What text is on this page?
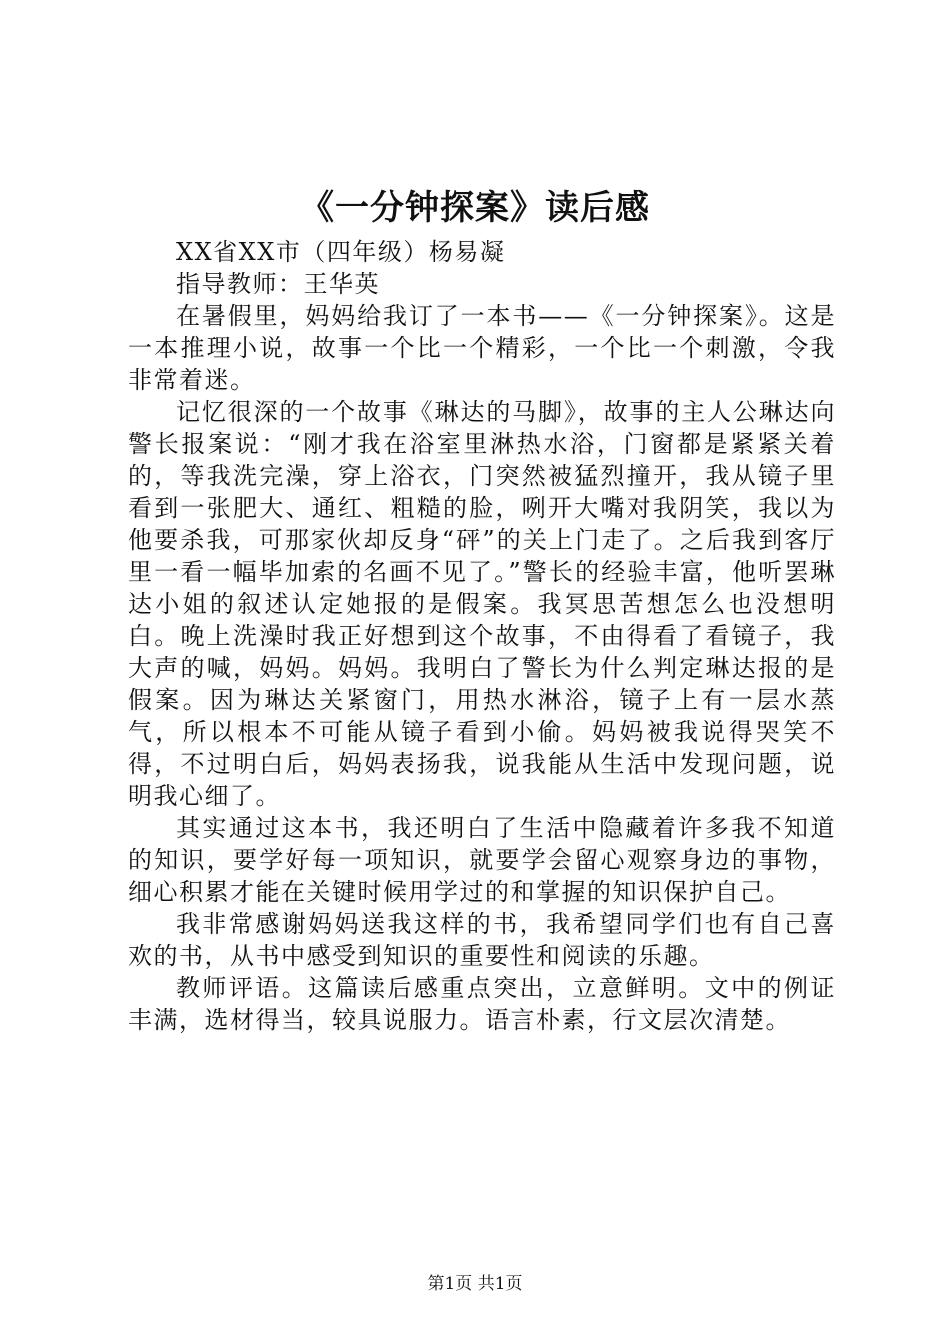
《一分钟探案》读后感

XX省XX市（四年级）杨易凝

指导教师：王华英

在暑假里，妈妈给我订了一本书——《一分钟探案》。这是一本推理小说，故事一个比一个精彩，一个比一个刺激，令我非常着迷。

记忆很深的一个故事《琳达的马脚》，故事的主人公琳达向警长报案说：“刚才我在浴室里淋热水浴，门窗都是紧紧关着的，等我洗完澡，穿上浴衣，门突然被猛烈撞开，我从镜子里看到一张肥大、通红、粗糙的脸，咧开大嘴对我阴笑，我以为他要杀我，可那家伙却反身“砰”的关上门走了。之后我到客厅里一看一幅毕加索的名画不见了。”警长的经验丰富，他听罢琳达小姐的叙述认定她报的是假案。我冥思苦想怎么也没想明白。晚上洗澡时我正好想到这个故事，不由得看了看镜子，我大声的喊，妈妈。妈妈。我明白了警长为什么判定琳达报的是假案。因为琳达关紧窗门，用热水淋浴，镜子上有一层水蒸气，所以根本不可能从镜子看到小偷。妈妈被我说得哭笑不得，不过明白后，妈妈表扬我，说我能从生活中发现问题，说明我心细了。

其实通过这本书，我还明白了生活中隐藏着许多我不知道的知识，要学好每一项知识，就要学会留心观察身边的事物，细心积累才能在关键时候用学过的和掌握的知识保护自己。

我非常感谢妈妈送我这样的书，我希望同学们也有自己喜欢的书，从书中感受到知识的重要性和阅读的乐趣。

教师评语。这篇读后感重点突出，立意鲜明。文中的例证丰满，选材得当，较具说服力。语言朴素，行文层次清楚。

第1页 共1页
